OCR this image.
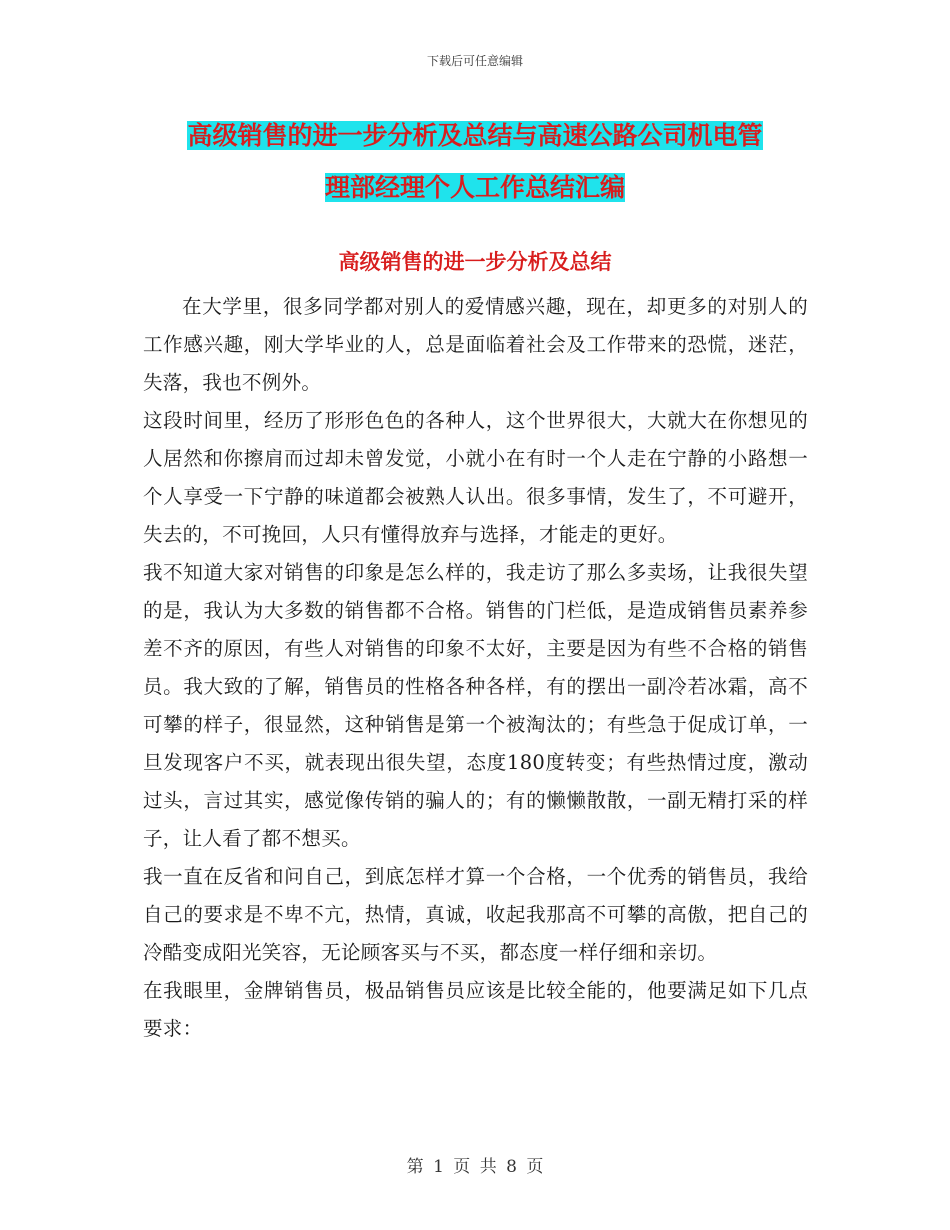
下载后可任意编辑
高级销售的进一步分析及总结与高速公路公司机电管
理部经理个人工作总结汇编
高级销售的进一步分析及总结

在大学里，很多同学都对别人的爱情感兴趣，现在，却更多的对别人的工作感兴趣，刚大学毕业的人，总是面临着社会及工作带来的恐慌，迷茫，失落，我也不例外。

这段时间里，经历了形形色色的各种人，这个世界很大，大就大在你想见的人居然和你擦肩而过却未曾发觉，小就小在有时一个人走在宁静的小路想一个人享受一下宁静的味道都会被熟人认出。很多事情，发生了，不可避开，失去的，不可挽回，人只有懂得放弃与选择，才能走的更好。

我不知道大家对销售的印象是怎么样的，我走访了那么多卖场，让我很失望的是，我认为大多数的销售都不合格。销售的门栏低，是造成销售员素养参差不齐的原因，有些人对销售的印象不太好，主要是因为有些不合格的销售员。我大致的了解，销售员的性格各种各样，有的摆出一副冷若冰霜，高不可攀的样子，很显然，这种销售是第一个被淘汰的；有些急于促成订单，一旦发现客户不买，就表现出很失望，态度180度转变；有些热情过度，激动过头，言过其实，感觉像传销的骗人的；有的懒懒散散，一副无精打采的样子，让人看了都不想买。

我一直在反省和问自己，到底怎样才算一个合格，一个优秀的销售员，我给自己的要求是不卑不亢，热情，真诚，收起我那高不可攀的高傲，把自己的冷酷变成阳光笑容，无论顾客买与不买，都态度一样仔细和亲切。

在我眼里，金牌销售员，极品销售员应该是比较全能的，他要满足如下几点要求：

第 1 页 共 8 页
